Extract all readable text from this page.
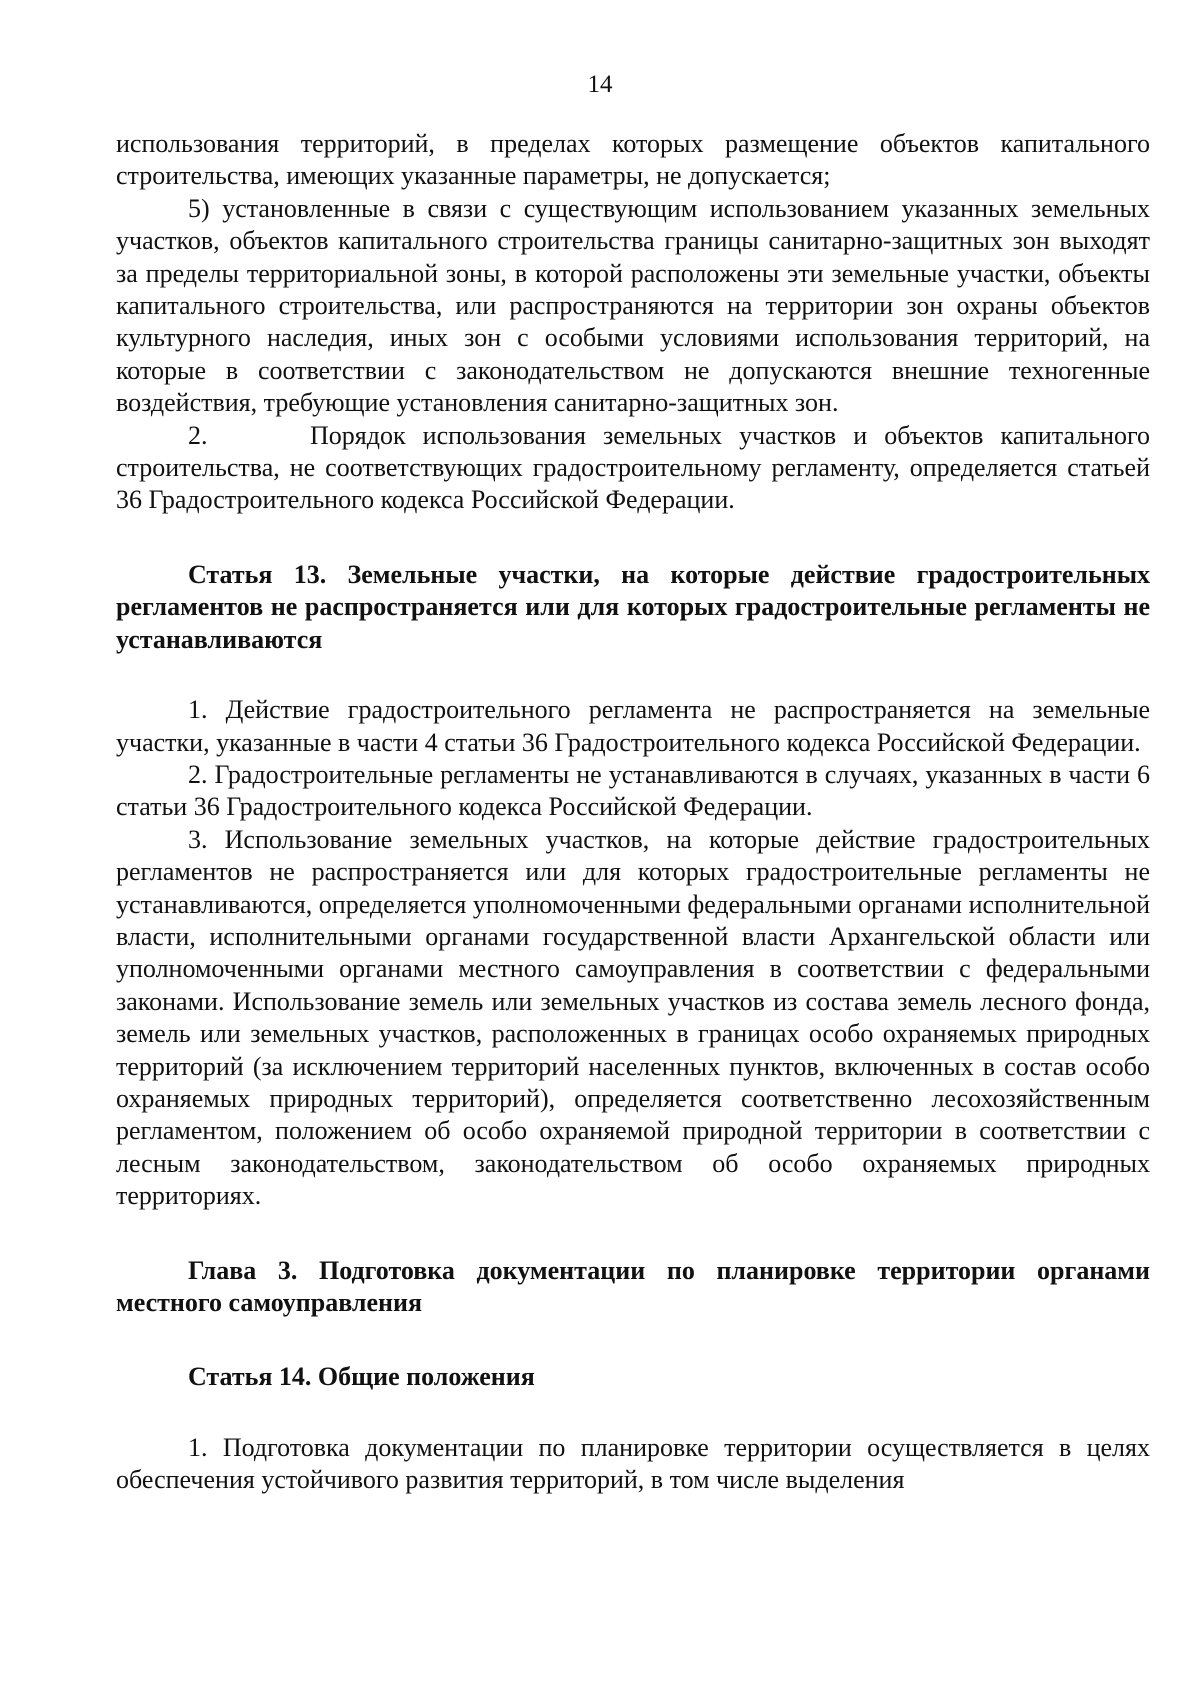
14

использования территорий, в пределах которых размещение объектов капитального строительства, имеющих указанные параметры, не допускается;

5) установленные в связи с существующим использованием указанных земельных участков, объектов капитального строительства границы санитарно-защитных зон выходят за пределы территориальной зоны, в которой расположены эти земельные участки, объекты капитального строительства, или распространяются на территории зон охраны объектов культурного наследия, иных зон с особыми условиями использования территорий, на которые в соответствии с законодательством не допускаются внешние техногенные воздействия, требующие установления санитарно-защитных зон.

2.      Порядок использования земельных участков и объектов капитального строительства, не соответствующих градостроительному регламенту, определяется статьей 36 Градостроительного кодекса Российской Федерации.

Статья 13. Земельные участки, на которые действие градостроительных регламентов не распространяется или для которых градостроительные регламенты не устанавливаются

1. Действие градостроительного регламента не распространяется на земельные участки, указанные в части 4 статьи 36 Градостроительного кодекса Российской Федерации.

2. Градостроительные регламенты не устанавливаются в случаях, указанных в части 6 статьи 36 Градостроительного кодекса Российской Федерации.

3. Использование земельных участков, на которые действие градостроительных регламентов не распространяется или для которых градостроительные регламенты не устанавливаются, определяется уполномоченными федеральными органами исполнительной власти, исполнительными органами государственной власти Архангельской области или уполномоченными органами местного самоуправления в соответствии с федеральными законами. Использование земель или земельных участков из состава земель лесного фонда, земель или земельных участков, расположенных в границах особо охраняемых природных территорий (за исключением территорий населенных пунктов, включенных в состав особо охраняемых природных территорий), определяется соответственно лесохозяйственным регламентом, положением об особо охраняемой природной территории в соответствии с лесным законодательством, законодательством об особо охраняемых природных территориях.

Глава 3. Подготовка документации по планировке территории органами местного самоуправления

Статья 14. Общие положения

1. Подготовка документации по планировке территории осуществляется в целях обеспечения устойчивого развития территорий, в том числе выделения
